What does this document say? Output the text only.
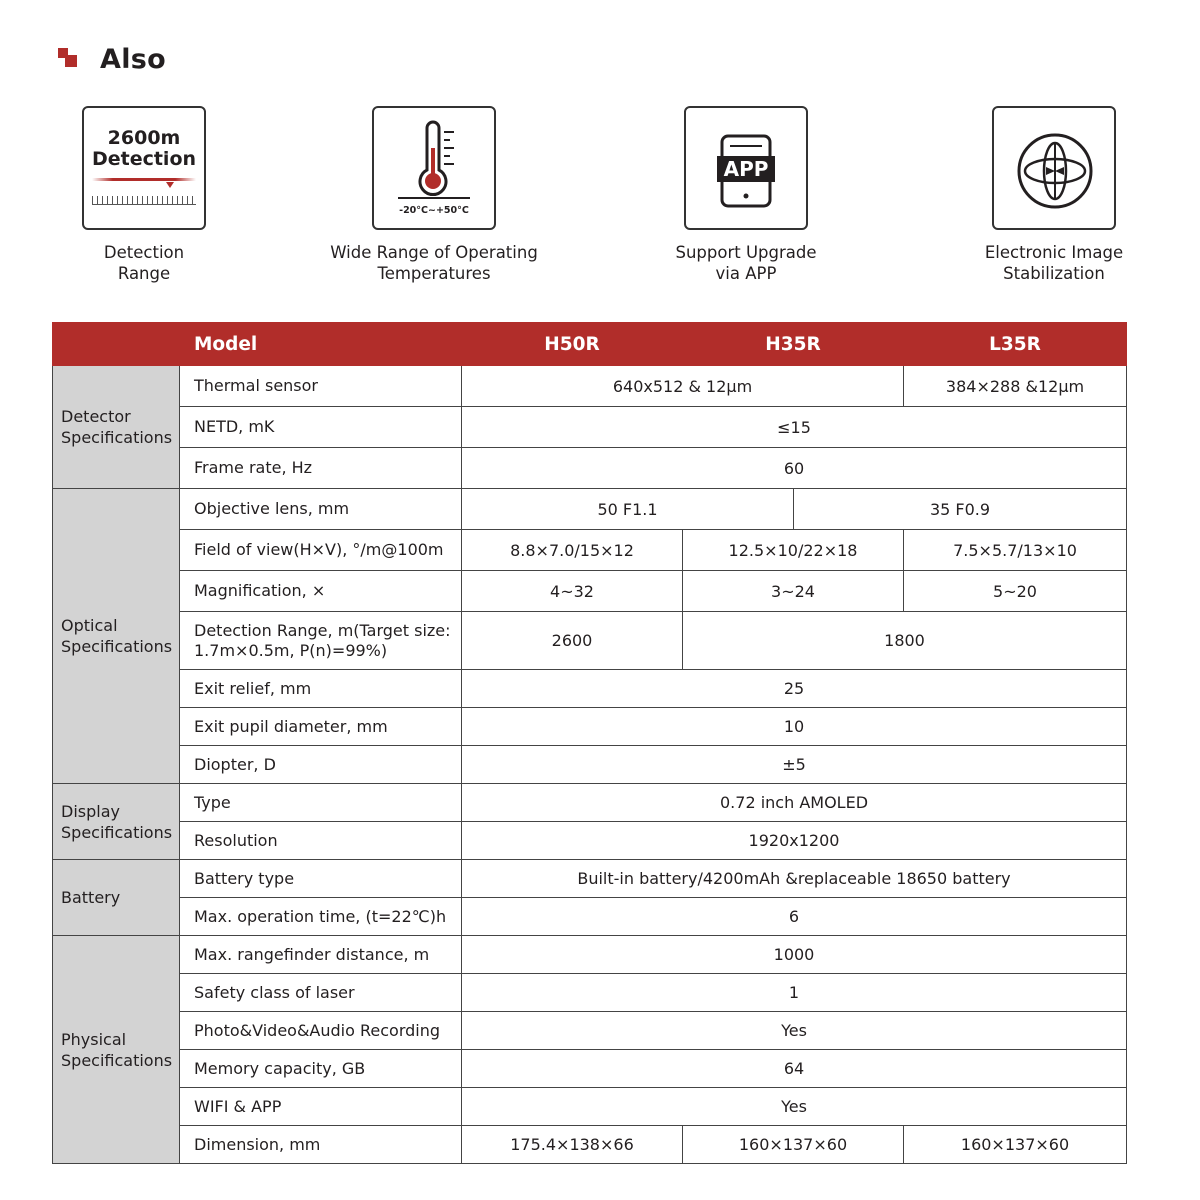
Also
2600m
Detection
Detection
Range
-20°C~+50°C
Wide Range of Operating
Temperatures
APP
Support Upgrade
via APP
Electronic Image
Stabilization
	Model	H50R	H35R		L35R
Detector
Specifications	Thermal sensor	640x512 & 12μm			384×288 &12μm
	NETD, mK	≤15			
	Frame rate, Hz	60			
Optical
Specifications	Objective lens, mm	50 F1.1		35 F0.9	
	Field of view(H×V), °/m@100m	8.8×7.0/15×12	12.5×10/22×18		7.5×5.7/13×10
	Magnification, ×	4~32	3~24		5~20
	Detection Range, m(Target size: 1.7m×0.5m, P(n)=99%)	2600	1800		
	Exit relief, mm	25			
	Exit pupil diameter, mm	10			
	Diopter, D	±5			
Display
Specifications	Type	0.72 inch AMOLED			
	Resolution	1920x1200			
Battery	Battery type	Built-in battery/4200mAh &replaceable 18650 battery			
	Max. operation time, (t=22℃)h	6			
Physical
Specifications	Max. rangefinder distance, m	1000			
	Safety class of laser	1			
	Photo&Video&Audio Recording	Yes			
	Memory capacity, GB	64			
	WIFI & APP	Yes			
	Dimension, mm	175.4×138×66	160×137×60		160×137×60
